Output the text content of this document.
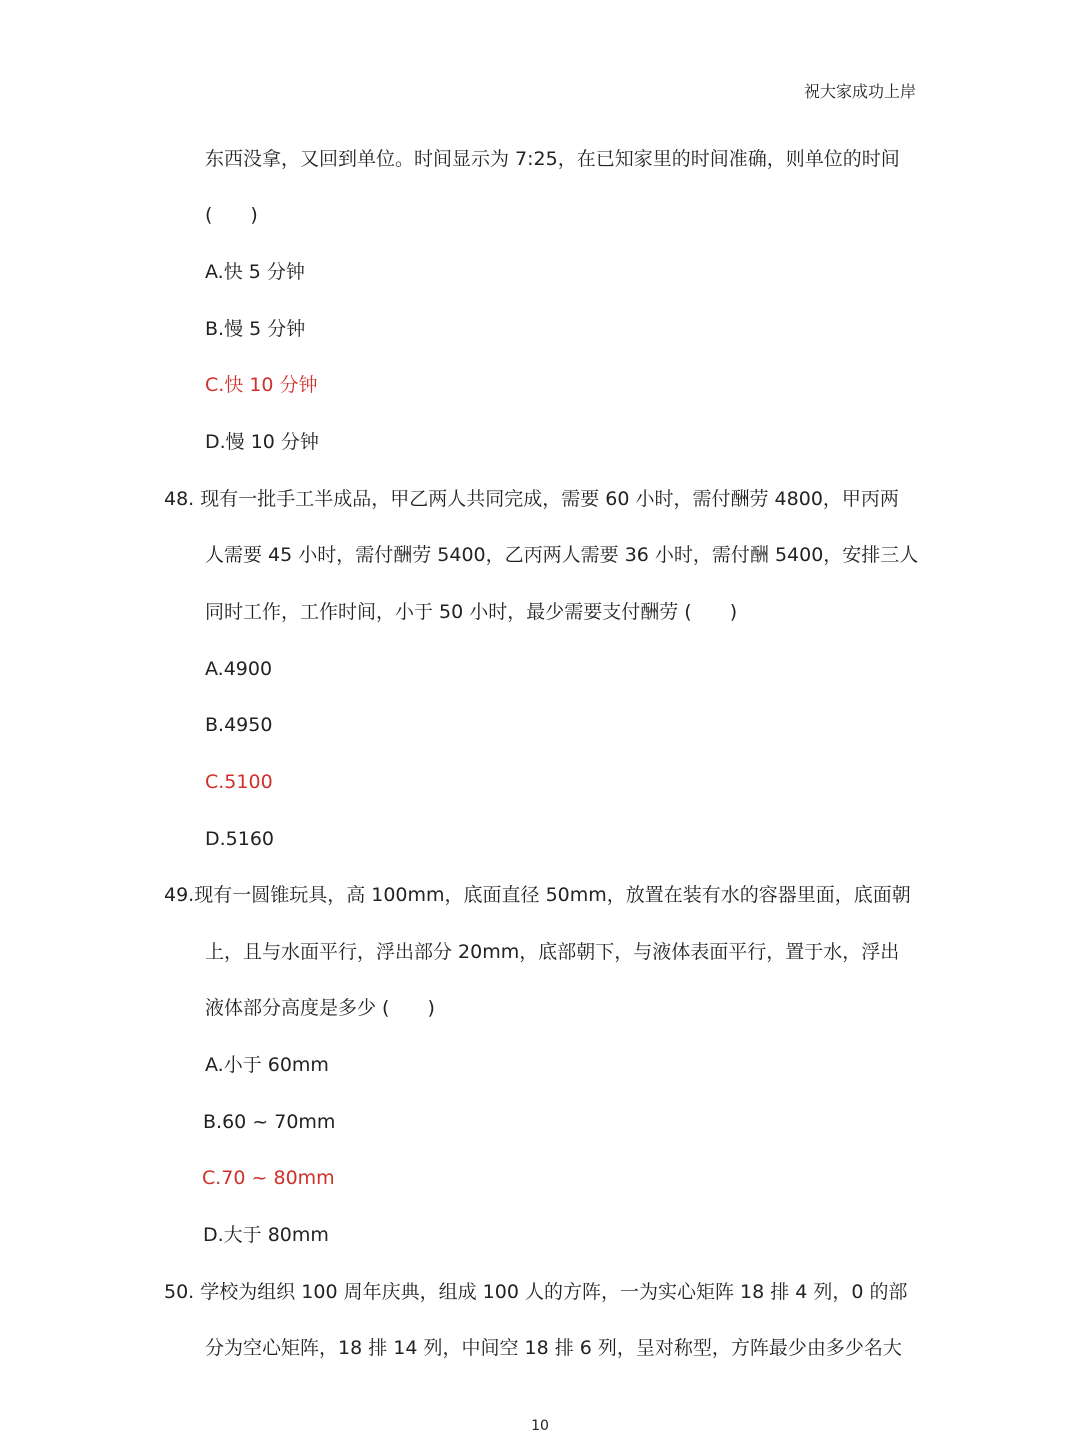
祝大家成功上岸
东西没拿，又回到单位。时间显示为 7:25，在已知家里的时间准确，则单位的时间
(　　)
A.快 5 分钟
B.慢 5 分钟
C.快 10 分钟
D.慢 10 分钟
48. 现有一批手工半成品，甲乙两人共同完成，需要 60 小时，需付酬劳 4800，甲丙两
人需要 45 小时，需付酬劳 5400，乙丙两人需要 36 小时，需付酬 5400，安排三人
同时工作，工作时间，小于 50 小时，最少需要支付酬劳 (　　)
A.4900
B.4950
C.5100
D.5160
49.现有一圆锥玩具，高 100mm，底面直径 50mm，放置在装有水的容器里面，底面朝
上，且与水面平行，浮出部分 20mm，底部朝下，与液体表面平行，置于水，浮出
液体部分高度是多少 (　　)
A.小于 60mm
B.60 ~ 70mm
C.70 ~ 80mm
D.大于 80mm
50. 学校为组织 100 周年庆典，组成 100 人的方阵，一为实心矩阵 18 排 4 列，0 的部
分为空心矩阵，18 排 14 列，中间空 18 排 6 列，呈对称型，方阵最少由多少名大
10
